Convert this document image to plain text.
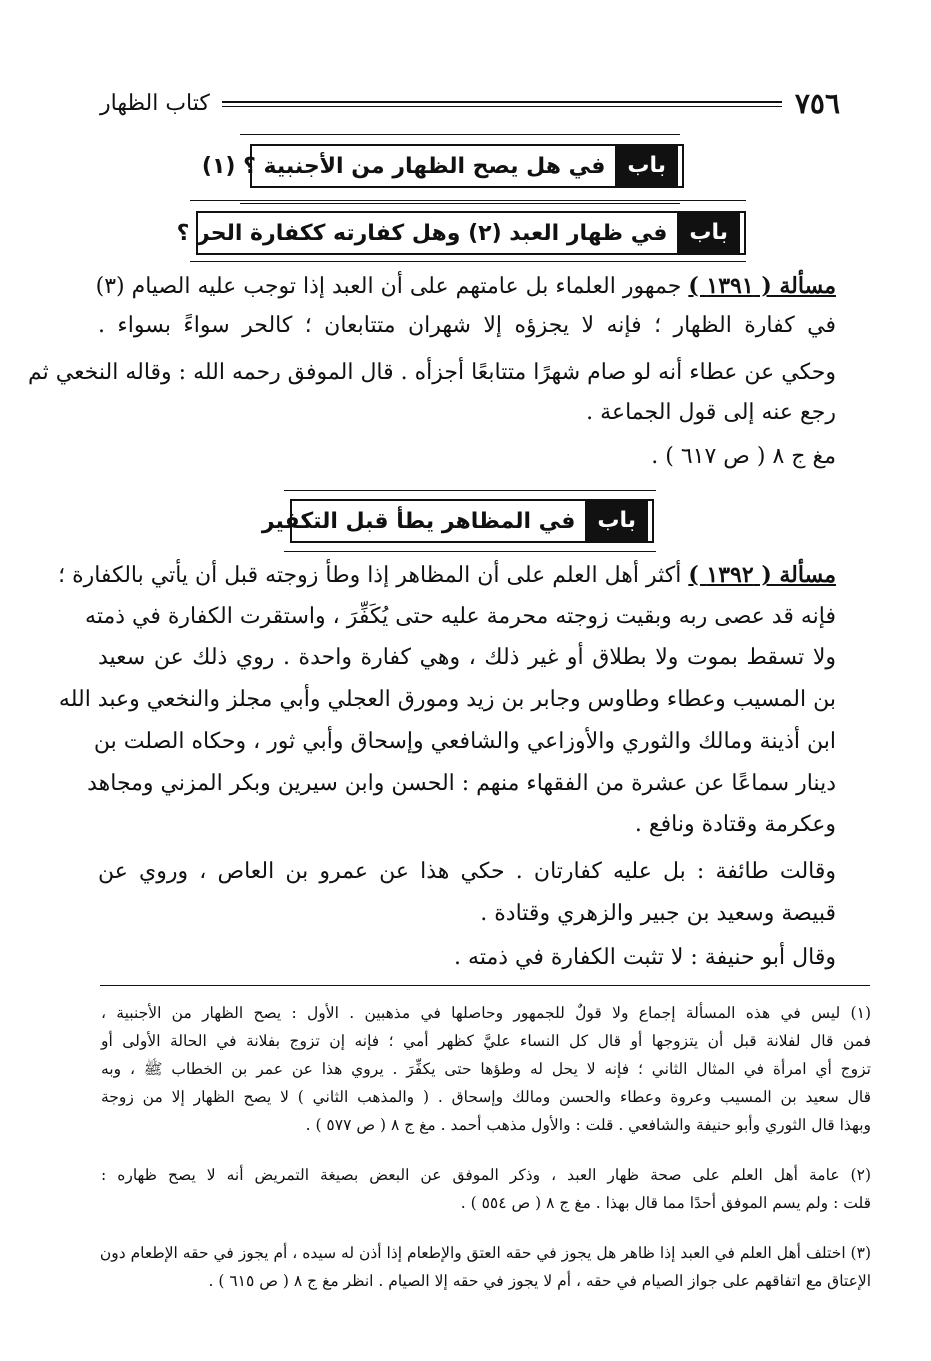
٧٥٦
كتاب الظهار
باب
في هل يصح الظهار من الأجنبية ؟ (١)
باب
في ظهار العبد (٢) وهل كفارته ككفارة الحر ؟
مسألة ( ١٣٩١ ) جمهور العلماء بل عامتهم على أن العبد إذا توجب عليه الصيام (٣)
في كفارة الظهار ؛ فإنه لا يجزؤه إلا شهران متتابعان ؛ كالحر سواءً بسواء .
وحكي عن عطاء أنه لو صام شهرًا متتابعًا أجزأه . قال الموفق رحمه الله : وقاله النخعي ثم
رجع عنه إلى قول الجماعة .
مغ ج ٨ ( ص ٦١٧ ) .
باب
في المظاهر يطأ قبل التكفير
مسألة ( ١٣٩٢ ) أكثر أهل العلم على أن المظاهر إذا وطأ زوجته قبل أن يأتي بالكفارة ؛
فإنه قد عصى ربه وبقيت زوجته محرمة عليه حتى يُكَفِّرَ ، واستقرت الكفارة في ذمته
ولا تسقط بموت ولا بطلاق أو غير ذلك ، وهي كفارة واحدة . روي ذلك عن سعيد
بن المسيب وعطاء وطاوس وجابر بن زيد ومورق العجلي وأبي مجلز والنخعي وعبد الله
ابن أذينة ومالك والثوري والأوزاعي والشافعي وإسحاق وأبي ثور ، وحكاه الصلت بن
دينار سماعًا عن عشرة من الفقهاء منهم : الحسن وابن سيرين وبكر المزني ومجاهد
وعكرمة وقتادة ونافع .
وقالت طائفة : بل عليه كفارتان . حكي هذا عن عمرو بن العاص ، وروي عن
قبيصة وسعيد بن جبير والزهري وقتادة .
وقال أبو حنيفة : لا تثبت الكفارة في ذمته .
(١) ليس في هذه المسألة إجماع ولا قولٌ للجمهور وحاصلها في مذهبين . الأول : يصح الظهار من الأجنبية ،
فمن قال لفلانة قبل أن يتزوجها أو قال كل النساء عليَّ كظهر أمي ؛ فإنه إن تزوج بفلانة في الحالة الأولى أو
تزوج أي امرأة في المثال الثاني ؛ فإنه لا يحل له وطؤها حتى يكفِّرَ . يروي هذا عن عمر بن الخطاب ﷺ ، وبه
قال سعيد بن المسيب وعروة وعطاء والحسن ومالك وإسحاق . ( والمذهب الثاني ) لا يصح الظهار إلا من زوجة
وبهذا قال الثوري وأبو حنيفة والشافعي . قلت : والأول مذهب أحمد . مغ ج ٨ ( ص ٥٧٧ ) .
(٢) عامة أهل العلم على صحة ظهار العبد ، وذكر الموفق عن البعض بصيغة التمريض أنه لا يصح ظهاره :
قلت : ولم يسم الموفق أحدًا مما قال بهذا . مغ ج ٨ ( ص ٥٥٤ ) .
(٣) اختلف أهل العلم في العبد إذا ظاهر هل يجوز في حقه العتق والإطعام إذا أذن له سيده ، أم يجوز في حقه الإطعام دون
الإعتاق مع اتفاقهم على جواز الصيام في حقه ، أم لا يجوز في حقه إلا الصيام . انظر مغ ج ٨ ( ص ٦١٥ ) .
